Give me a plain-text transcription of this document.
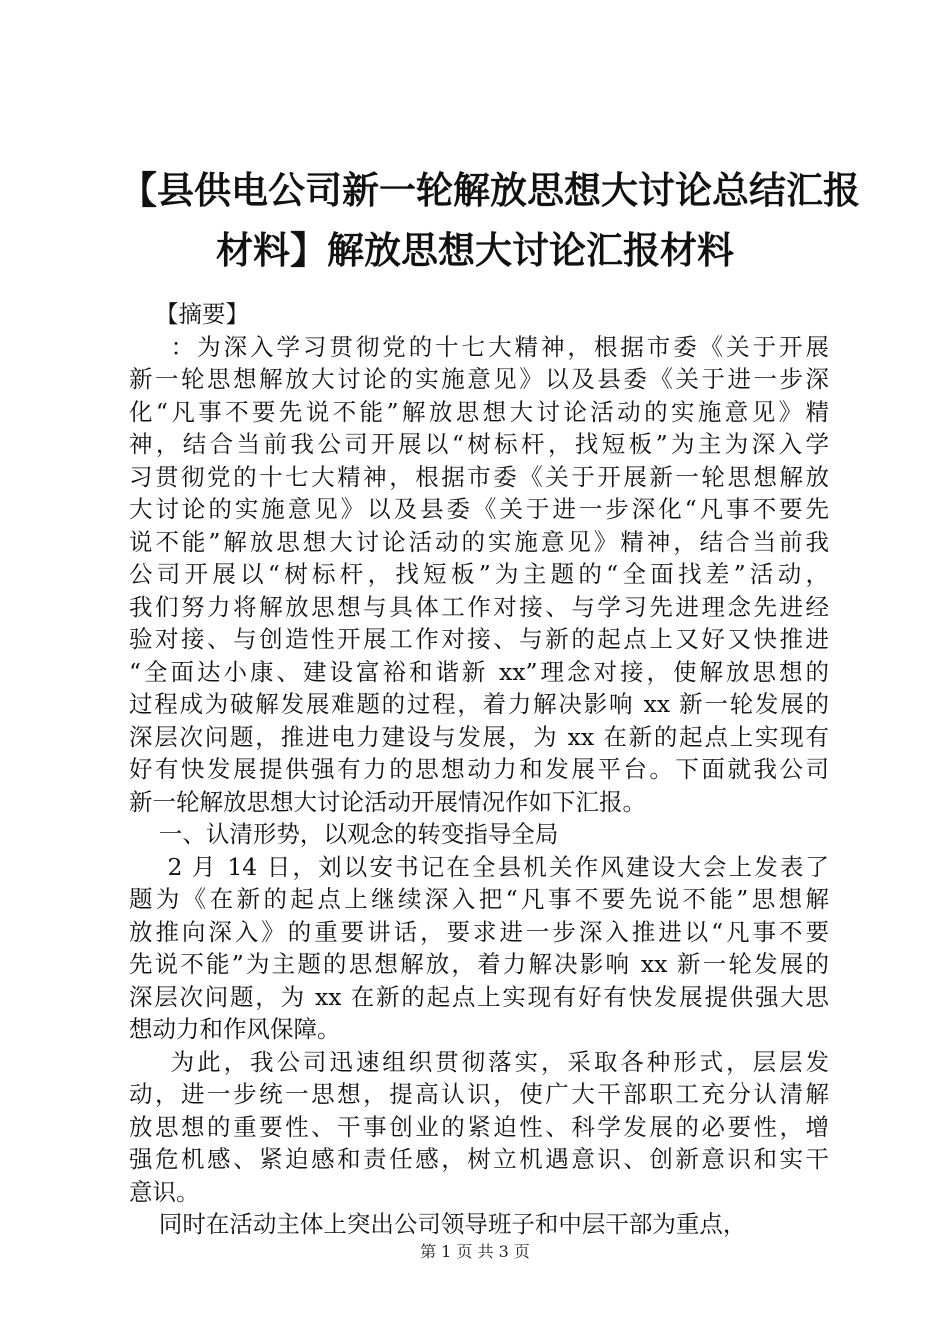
【县供电公司新一轮解放思想大讨论总结汇报
材料】解放思想大讨论汇报材料
【摘要】
：为深入学习贯彻党的十七大精神，根据市委《关于开展
新一轮思想解放大讨论的实施意见》以及县委《关于进一步深
化“凡事不要先说不能”解放思想大讨论活动的实施意见》精
神，结合当前我公司开展以“树标杆，找短板”为主为深入学
习贯彻党的十七大精神，根据市委《关于开展新一轮思想解放
大讨论的实施意见》以及县委《关于进一步深化“凡事不要先
说不能”解放思想大讨论活动的实施意见》精神，结合当前我
公司开展以“树标杆，找短板”为主题的“全面找差”活动，
我们努力将解放思想与具体工作对接、与学习先进理念先进经
验对接、与创造性开展工作对接、与新的起点上又好又快推进
“全面达小康、建设富裕和谐新 xx”理念对接，使解放思想的
过程成为破解发展难题的过程，着力解决影响 xx 新一轮发展的
深层次问题，推进电力建设与发展，为 xx 在新的起点上实现有
好有快发展提供强有力的思想动力和发展平台。下面就我公司
新一轮解放思想大讨论活动开展情况作如下汇报。
一、认清形势，以观念的转变指导全局
2 月 14 日，刘以安书记在全县机关作风建设大会上发表了
题为《在新的起点上继续深入把“凡事不要先说不能”思想解
放推向深入》的重要讲话，要求进一步深入推进以“凡事不要
先说不能”为主题的思想解放，着力解决影响 xx 新一轮发展的
深层次问题，为 xx 在新的起点上实现有好有快发展提供强大思
想动力和作风保障。
为此，我公司迅速组织贯彻落实，采取各种形式，层层发
动，进一步统一思想，提高认识，使广大干部职工充分认清解
放思想的重要性、干事创业的紧迫性、科学发展的必要性，增
强危机感、紧迫感和责任感，树立机遇意识、创新意识和实干
意识。
同时在活动主体上突出公司领导班子和中层干部为重点，
第 1 页 共 3 页
